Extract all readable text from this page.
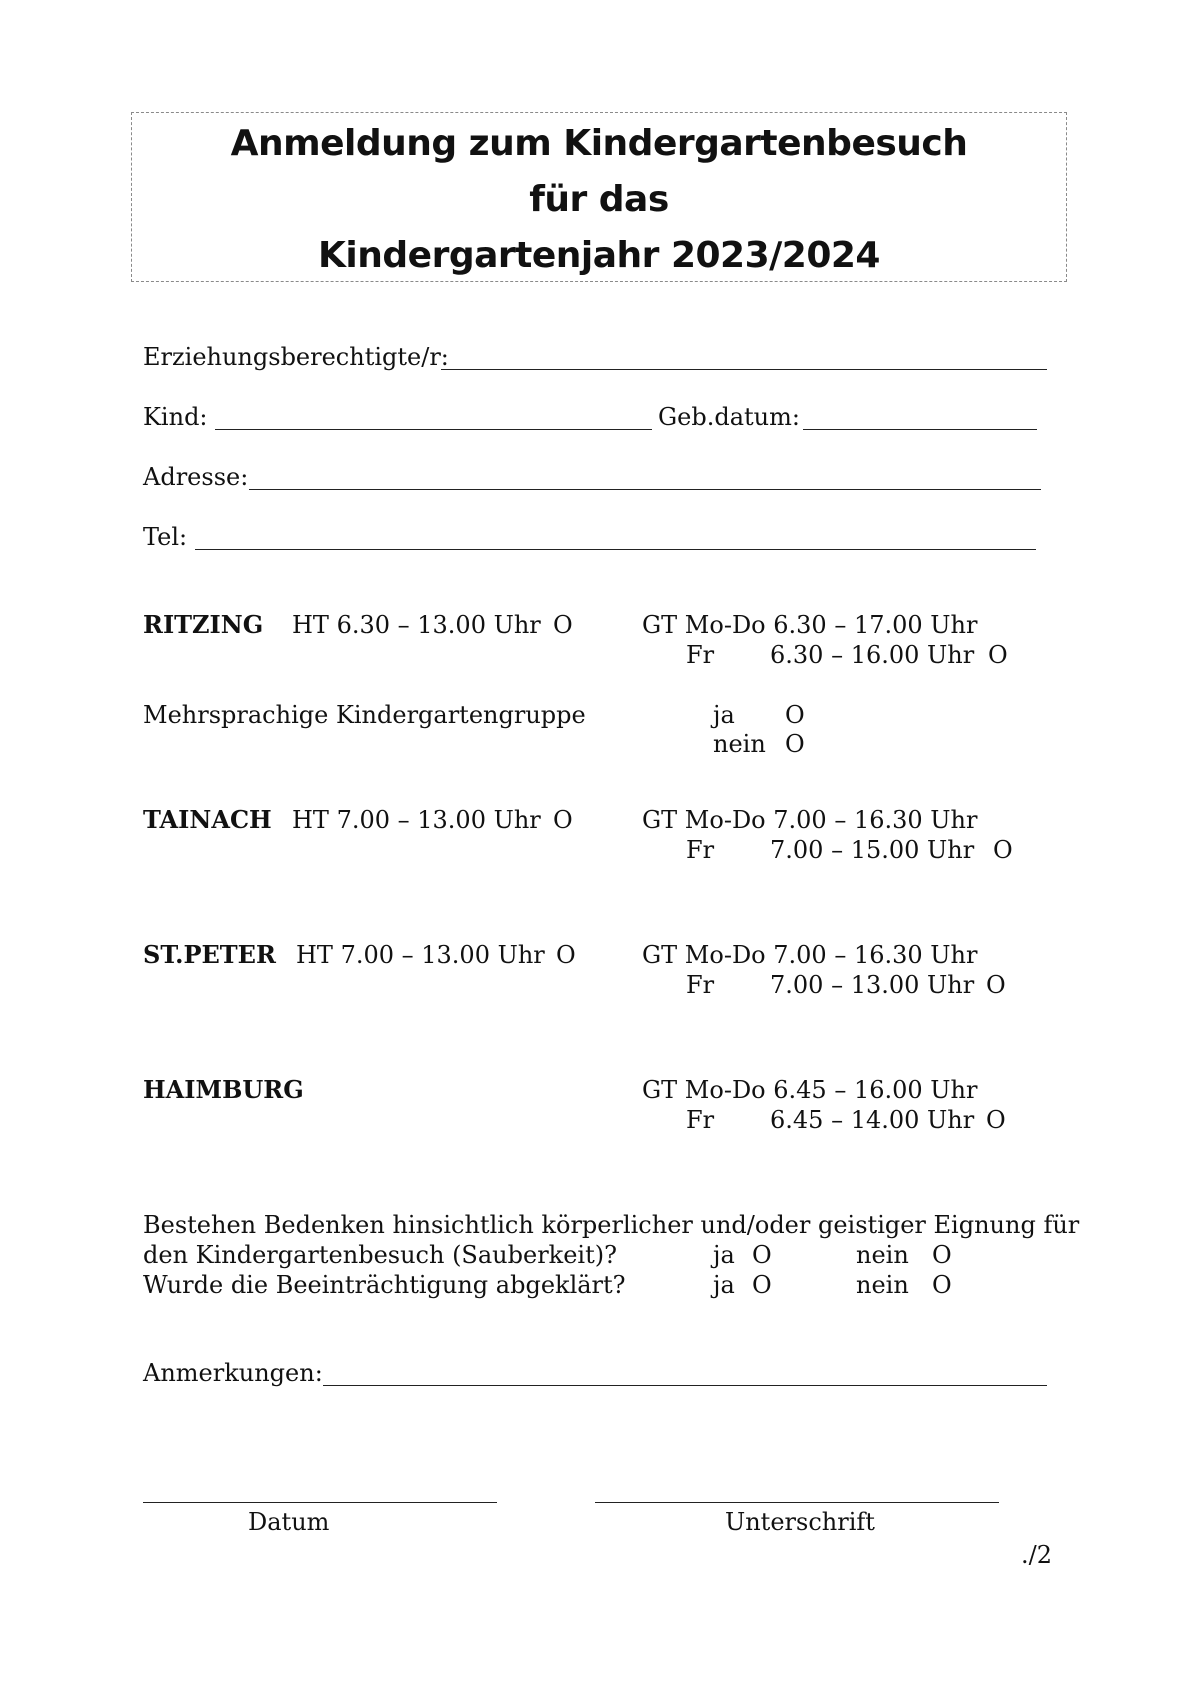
Anmeldung zum Kindergartenbesuch
für das
Kindergartenjahr 2023/2024
Erziehungsberechtigte/r:
Kind:	Geb.datum:
Adresse:
Tel:
RITZING HT 6.30 – 13.00 Uhr O	GT Mo-Do 6.30 – 17.00 Uhr
Fr 6.30 – 16.00 Uhr O
Mehrsprachige Kindergartengruppe	ja O
nein O
TAINACH HT 7.00 – 13.00 Uhr O	GT Mo-Do 7.00 – 16.30 Uhr
Fr 7.00 – 15.00 Uhr O
ST.PETER HT 7.00 – 13.00 Uhr O	GT Mo-Do 7.00 – 16.30 Uhr
Fr 7.00 – 13.00 Uhr O
HAIMBURG	GT Mo-Do 6.45 – 16.00 Uhr
Fr 6.45 – 14.00 Uhr O
Bestehen Bedenken hinsichtlich körperlicher und/oder geistiger Eignung für
den Kindergartenbesuch (Sauberkeit)?	ja O	nein O
Wurde die Beeinträchtigung abgeklärt?	ja O	nein O
Anmerkungen:
Datum	Unterschrift
./2
